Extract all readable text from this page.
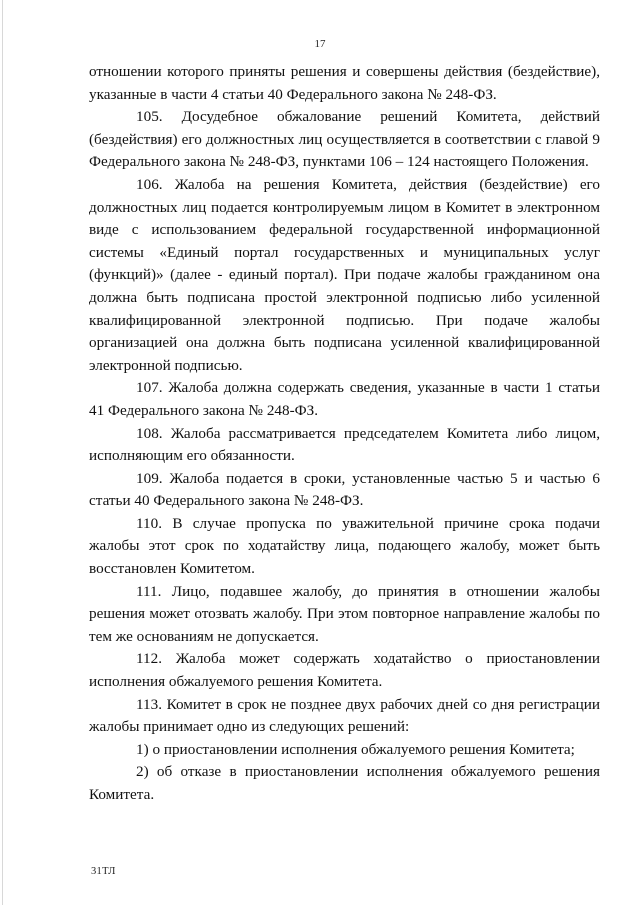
17

отношении которого приняты решения и совершены действия (бездействие), указанные в части 4 статьи 40 Федерального закона № 248-ФЗ.

105. Досудебное обжалование решений Комитета, действий (бездействия) его должностных лиц осуществляется в соответствии с главой 9 Федерального закона № 248-ФЗ, пунктами 106 – 124 настоящего Положения.

106. Жалоба на решения Комитета, действия (бездействие) его должностных лиц подается контролируемым лицом в Комитет в электронном виде с использованием федеральной государственной информационной системы «Единый портал государственных и муниципальных услуг (функций)» (далее - единый портал). При подаче жалобы гражданином она должна быть подписана простой электронной подписью либо усиленной квалифицированной электронной подписью. При подаче жалобы организацией она должна быть подписана усиленной квалифицированной электронной подписью.

107. Жалоба должна содержать сведения, указанные в части 1 статьи 41 Федерального закона № 248-ФЗ.

108. Жалоба рассматривается председателем Комитета либо лицом, исполняющим его обязанности.

109. Жалоба подается в сроки, установленные частью 5 и частью 6 статьи 40 Федерального закона № 248-ФЗ.

110. В случае пропуска по уважительной причине срока подачи жалобы этот срок по ходатайству лица, подающего жалобу, может быть восстановлен Комитетом.

111. Лицо, подавшее жалобу, до принятия в отношении жалобы решения может отозвать жалобу. При этом повторное направление жалобы по тем же основаниям не допускается.

112. Жалоба может содержать ходатайство о приостановлении исполнения обжалуемого решения Комитета.

113. Комитет в срок не позднее двух рабочих дней со дня регистрации жалобы принимает одно из следующих решений:

1) о приостановлении исполнения обжалуемого решения Комитета;

2) об отказе в приостановлении исполнения обжалуемого решения Комитета.

31ТЛ
